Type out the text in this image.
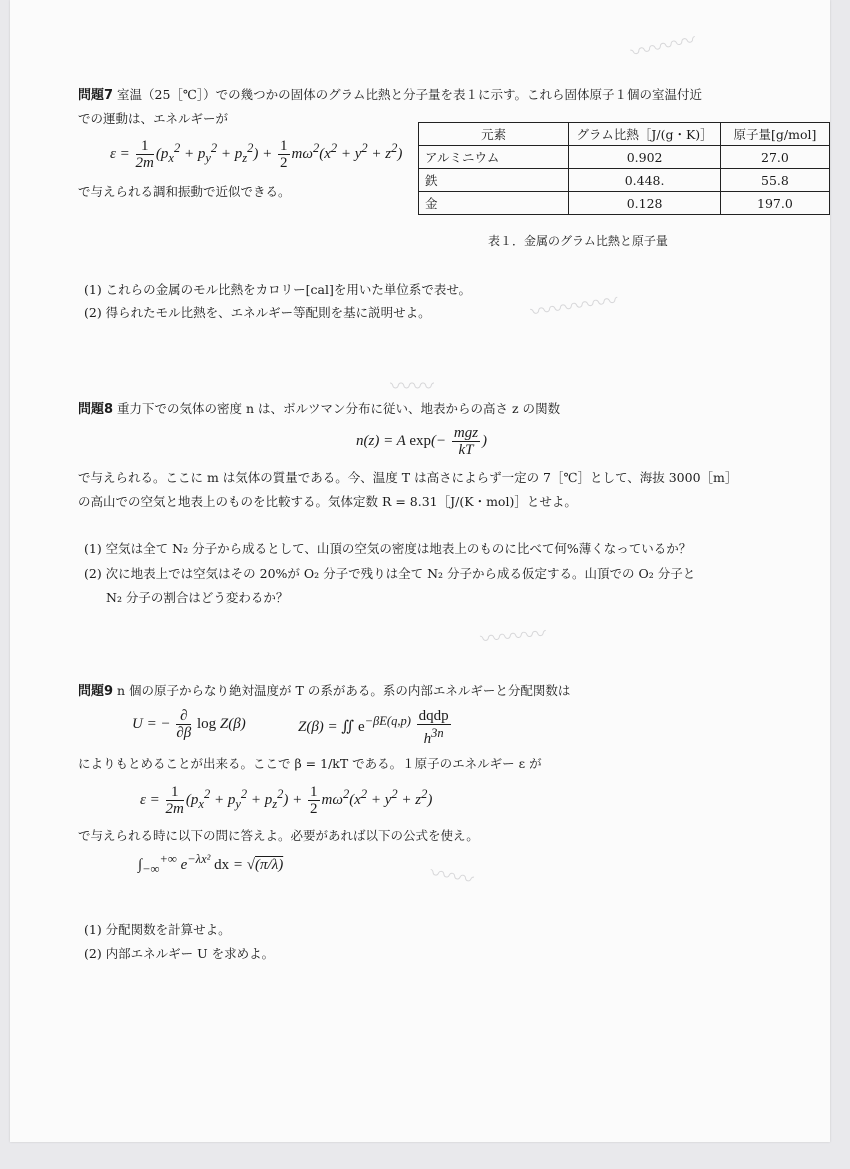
〰〰〰
〰〰〰〰
〰〰
〰〰〰
〰〰
問題7 室温（25［℃］）での幾つかの固体のグラム比熱と分子量を表１に示す。これら固体原子１個の室温付近
での運動は、エネルギーが
$\varepsilon = \frac{1}{2m} (p_x^2 + p_y^2 + p_z^2) + \frac{1}{2} m\omega^2(x^2 + y^2 + z^2)$
で与えられる調和振動で近似できる。
元素	グラム比熱［J/(g・K)］	原子量[g/mol]
アルミニウム	0.902	27.0
鉄	0.448.	55.8
金	0.128	197.0
表１．金属のグラム比熱と原子量
(1) これらの金属のモル比熱をカロリー[cal]を用いた単位系で表せ。
(2) 得られたモル比熱を、エネルギー等配則を基に説明せよ。
問題8 重力下での気体の密度 n は、ボルツマン分布に従い、地表からの高さ z の関数
n(z) = A $\exp(- \frac{\text{mgz}}{kT}$ )
で与えられる。ここに m は気体の質量である。今、温度 T は高さによらず一定の 7［℃］として、海抜 3000［m］
の高山での空気と地表上のものを比較する。気体定数 R = 8.31［J/(K・mol)］とせよ。
(1) 空気は全て N₂ 分子から成るとして、山頂の空気の密度は地表上のものに比べて何%薄くなっているか？
(2) 次に地表上では空気はその 20%が O₂ 分子で残りは全て N₂ 分子から成る仮定する。山頂での O₂ 分子と
N₂ 分子の割合はどう変わるか？
問題9 n 個の原子からなり絶対温度が T の系がある。系の内部エネルギーと分配関数は
U = − $\frac{\partial}{\partial\beta}$ log Z(β)	Z(β) = ∬ $e^{-\beta E(q,p)} \frac{\text{dqdp}}{h^{3n}}$
によりもとめることが出来る。ここで β = 1/kT である。１原子のエネルギー ε が
$\varepsilon = \frac{1}{2m} (p_x^2 + p_y^2 + p_z^2) + \frac{1}{2} m\omega^2(x^2 + y^2 + z^2)$
で与えられる時に以下の問に答えよ。必要があれば以下の公式を使え。
$\int_{-\infty}^{+\infty}$ $e^{-\lambda x^2}$ dx = √(π/λ)
(1) 分配関数を計算せよ。
(2) 内部エネルギー U を求めよ。
